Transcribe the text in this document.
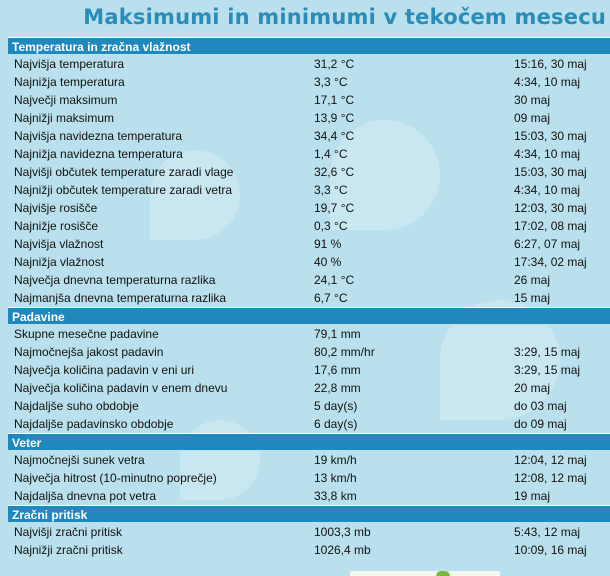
Maksimumi in minimumi v tekočem mesecu
Temperatura in zračna vlažnost
Najvišja temperatura	31,2 °C	15:16, 30 maj
Najnižja temperatura	3,3 °C	4:34, 10 maj
Največji maksimum	17,1 °C	30 maj
Najnižji maksimum	13,9 °C	09 maj
Najvišja navidezna temperatura	34,4 °C	15:03, 30 maj
Najnižja navidezna temperatura	1,4 °C	4:34, 10 maj
Najvišji občutek temperature zaradi vlage	32,6 °C	15:03, 30 maj
Najnižji občutek temperature zaradi vetra	3,3 °C	4:34, 10 maj
Najvišje rosišče	19,7 °C	12:03, 30 maj
Najnižje rosišče	0,3 °C	17:02, 08 maj
Najvišja vlažnost	91 %	6:27, 07 maj
Najnižja vlažnost	40 %	17:34, 02 maj
Največja dnevna temperaturna razlika	24,1 °C	26 maj
Najmanjša dnevna temperaturna razlika	6,7 °C	15 maj
Padavine
Skupne mesečne padavine	79,1 mm
Najmočnejša jakost padavin	80,2 mm/hr	3:29, 15 maj
Največja količina padavin v eni uri	17,6 mm	3:29, 15 maj
Največja količina padavin v enem dnevu	22,8 mm	20 maj
Najdaljše suho obdobje	5 day(s)	do 03 maj
Najdaljše padavinsko obdobje	6 day(s)	do 09 maj
Veter
Najmočnejši sunek vetra	19 km/h	12:04, 12 maj
Največja hitrost (10-minutno poprečje)	13 km/h	12:08, 12 maj
Najdaljša dnevna pot vetra	33,8 km	19 maj
Zračni pritisk
Najvišji zračni pritisk	1003,3 mb	5:43, 12 maj
Najnižji zračni pritisk	1026,4 mb	10:09, 16 maj
